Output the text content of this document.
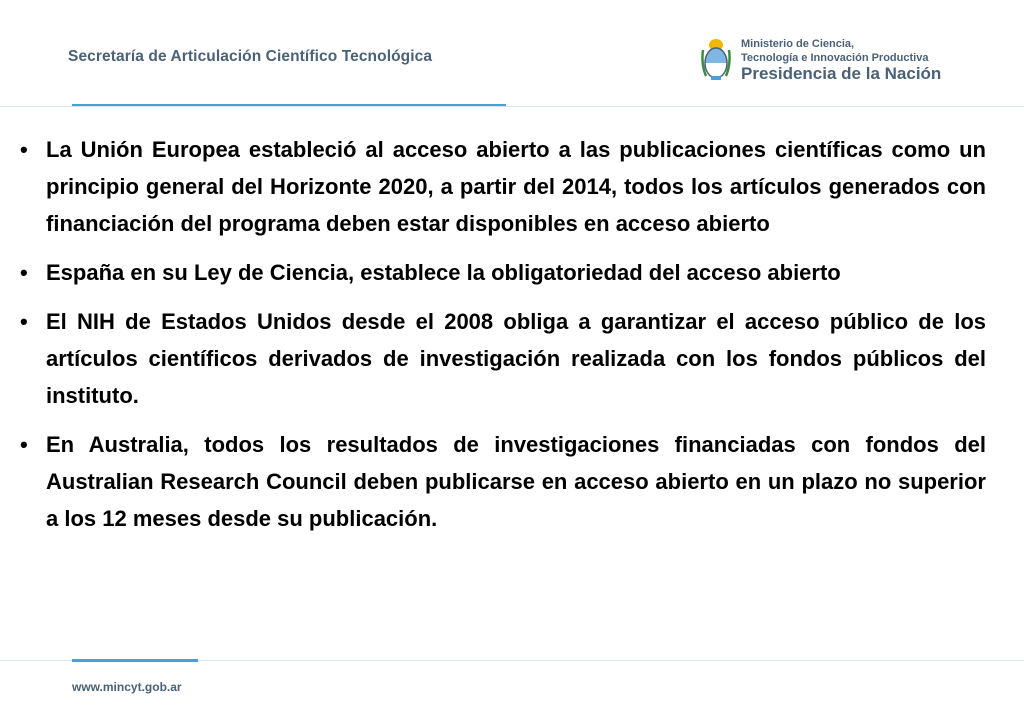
Secretaría de Articulación Científico Tecnológica
Ministerio de Ciencia,
Tecnología e Innovación Productiva
Presidencia de la Nación
• La Unión Europea estableció al acceso abierto a las publicaciones científicas como un principio general del Horizonte 2020, a partir del 2014, todos los artículos generados con financiación del programa deben estar disponibles en acceso abierto
• España en su Ley de Ciencia, establece la obligatoriedad del acceso abierto
• El NIH de Estados Unidos desde el 2008 obliga a garantizar el acceso público de los artículos científicos derivados de investigación realizada con los fondos públicos del instituto.
• En Australia, todos los resultados de investigaciones financiadas con fondos del Australian Research Council deben publicarse en acceso abierto en un plazo no superior a los 12 meses desde su publicación.
www.mincyt.gob.ar
